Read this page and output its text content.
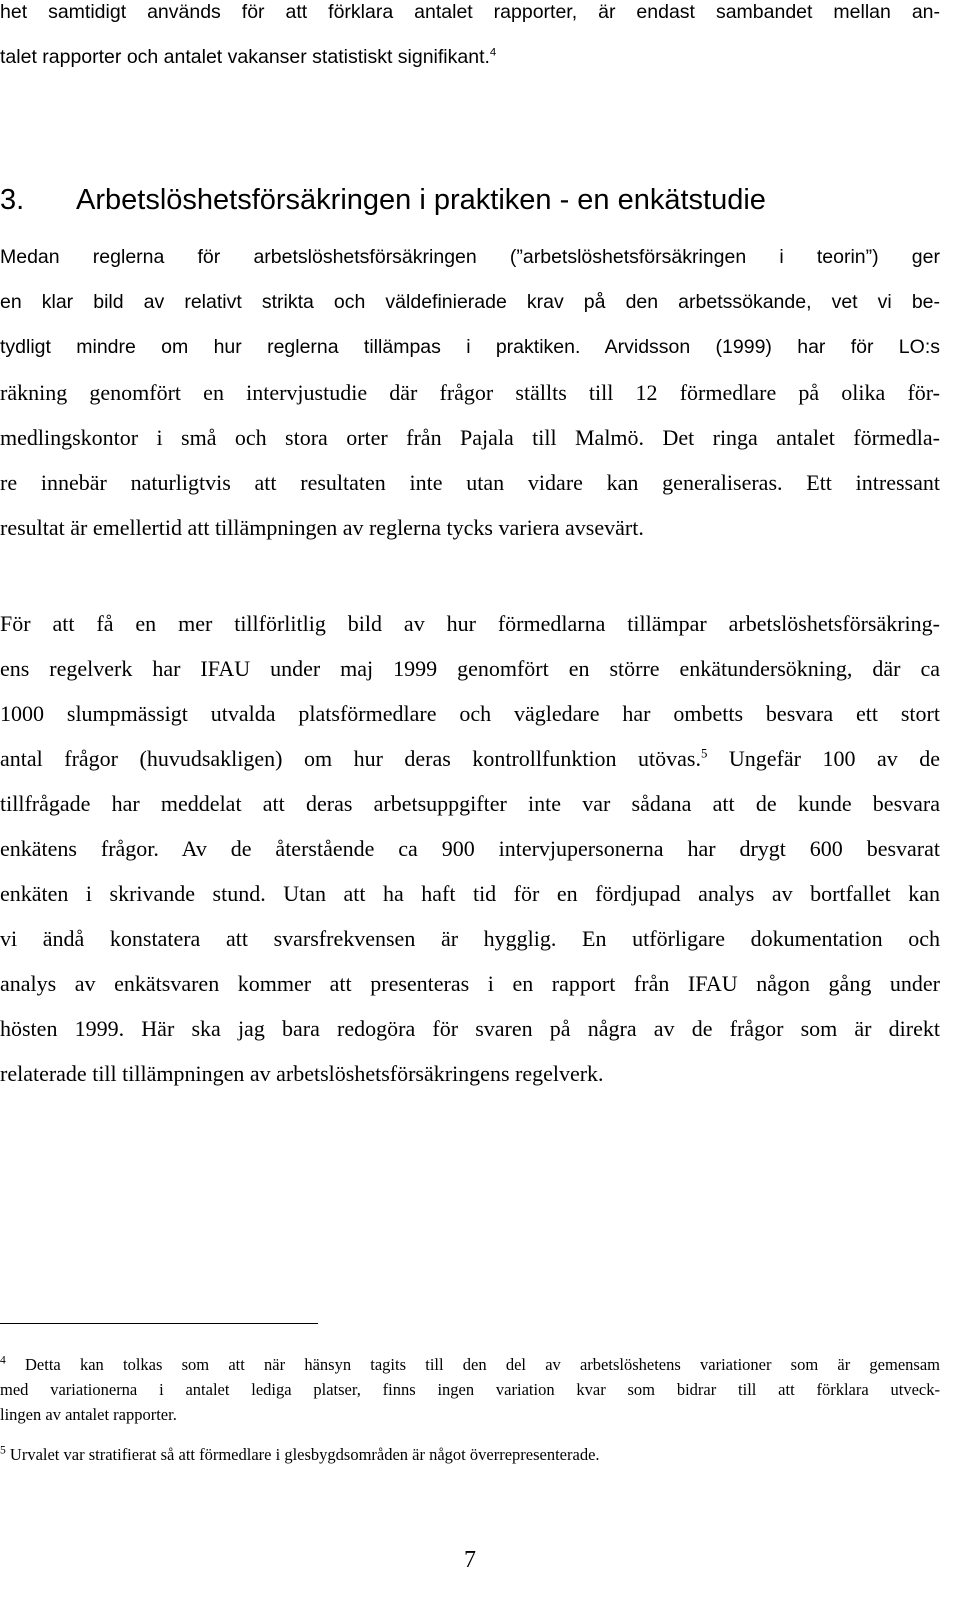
het samtidigt används för att förklara antalet rapporter, är endast sambandet mellan an-
talet rapporter och antalet vakanser statistiskt signifikant.$^4$
3. Arbetslöshetsförsäkringen i praktiken - en enkätstudie
Medan reglerna för arbetslöshetsförsäkringen (”arbetslöshetsförsäkringen i teorin”) ger
en klar bild av relativt strikta och väldefinierade krav på den arbetssökande, vet vi be-
tydligt mindre om hur reglerna tillämpas i praktiken. Arvidsson (1999) har för LO:s
räkning genomfört en intervjustudie där frågor ställts till 12 förmedlare på olika för-
medlingskontor i små och stora orter från Pajala till Malmö. Det ringa antalet förmedla-
re innebär naturligtvis att resultaten inte utan vidare kan generaliseras. Ett intressant
resultat är emellertid att tillämpningen av reglerna tycks variera avsevärt.
För att få en mer tillförlitlig bild av hur förmedlarna tillämpar arbetslöshetsförsäkring-
ens regelverk har IFAU under maj 1999 genomfört en större enkätundersökning, där ca
1000 slumpmässigt utvalda platsförmedlare och vägledare har ombetts besvara ett stort
antal frågor (huvudsakligen) om hur deras kontrollfunktion utövas.$^5$ Ungefär 100 av de
tillfrågade har meddelat att deras arbetsuppgifter inte var sådana att de kunde besvara
enkätens frågor. Av de återstående ca 900 intervjupersonerna har drygt 600 besvarat
enkäten i skrivande stund. Utan att ha haft tid för en fördjupad analys av bortfallet kan
vi ändå konstatera att svarsfrekvensen är hygglig. En utförligare dokumentation och
analys av enkätsvaren kommer att presenteras i en rapport från IFAU någon gång under
hösten 1999. Här ska jag bara redogöra för svaren på några av de frågor som är direkt
relaterade till tillämpningen av arbetslöshetsförsäkringens regelverk.
$^4$ Detta kan tolkas som att när hänsyn tagits till den del av arbetslöshetens variationer som är gemensam
med variationerna i antalet lediga platser, finns ingen variation kvar som bidrar till att förklara utveck-
lingen av antalet rapporter.
$^5$ Urvalet var stratifierat så att förmedlare i glesbygdsområden är något överrepresenterade.
7
